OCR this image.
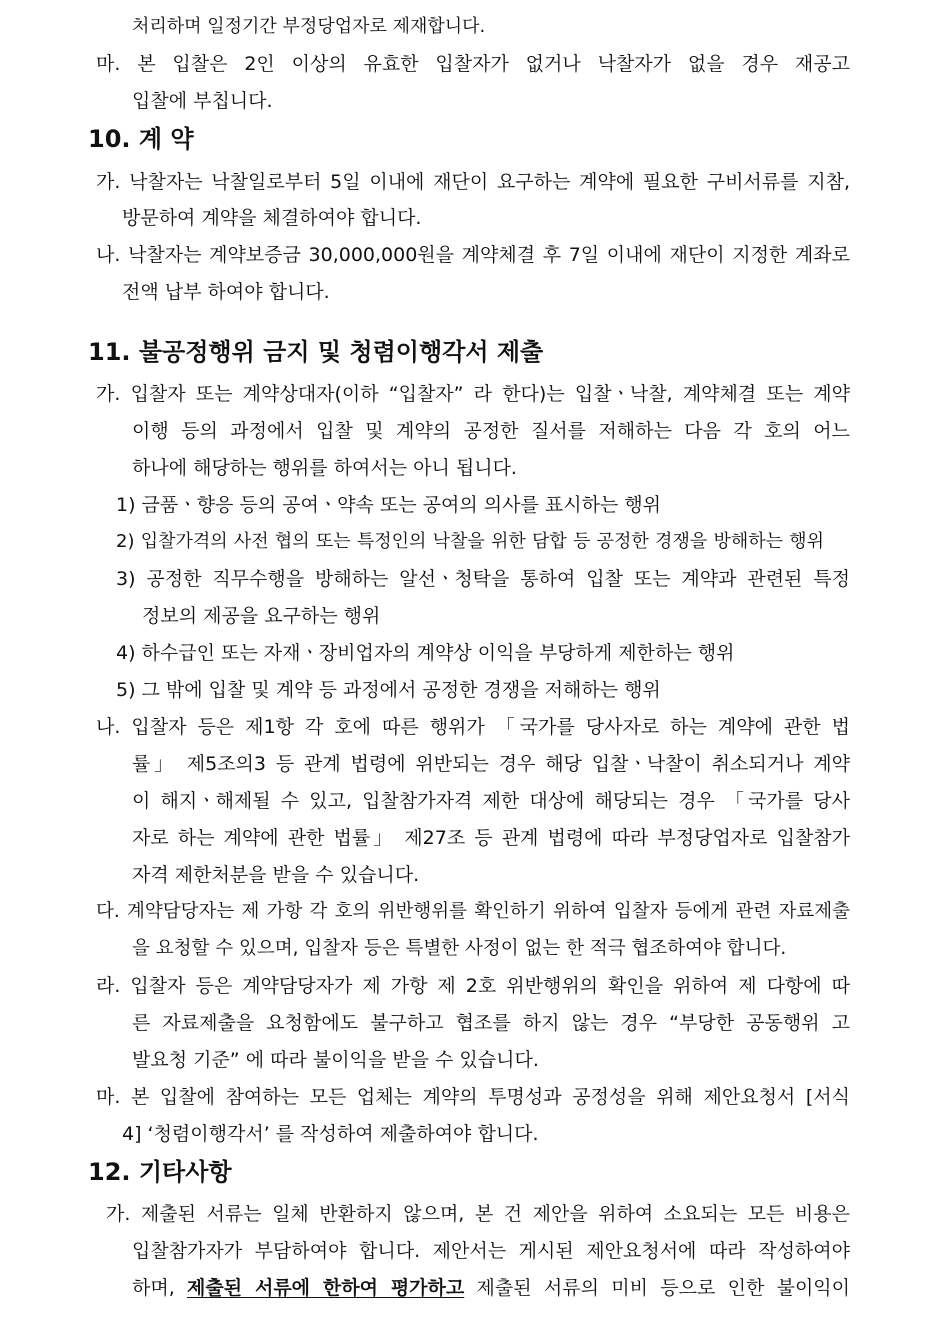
처리하며 일정기간 부정당업자로 제재합니다.
마. 본 입찰은 2인 이상의 유효한 입찰자가 없거나 낙찰자가 없을 경우 재공고
입찰에 부칩니다.
10. 계 약
가. 낙찰자는 낙찰일로부터 5일 이내에 재단이 요구하는 계약에 필요한 구비서류를 지참,
방문하여 계약을 체결하여야 합니다.
나. 낙찰자는 계약보증금 30,000,000원을 계약체결 후 7일 이내에 재단이 지정한 계좌로
전액 납부 하여야 합니다.
11. 불공정행위 금지 및 청렴이행각서 제출
가. 입찰자 또는 계약상대자(이하 “입찰자” 라 한다)는 입찰ㆍ낙찰, 계약체결 또는 계약
이행 등의 과정에서 입찰 및 계약의 공정한 질서를 저해하는 다음 각 호의 어느
하나에 해당하는 행위를 하여서는 아니 됩니다.
1) 금품ㆍ향응 등의 공여ㆍ약속 또는 공여의 의사를 표시하는 행위
2) 입찰가격의 사전 협의 또는 특정인의 낙찰을 위한 담합 등 공정한 경쟁을 방해하는 행위
3) 공정한 직무수행을 방해하는 알선ㆍ청탁을 통하여 입찰 또는 계약과 관련된 특정
정보의 제공을 요구하는 행위
4) 하수급인 또는 자재ㆍ장비업자의 계약상 이익을 부당하게 제한하는 행위
5) 그 밖에 입찰 및 계약 등 과정에서 공정한 경쟁을 저해하는 행위
나. 입찰자 등은 제1항 각 호에 따른 행위가 「국가를 당사자로 하는 계약에 관한 법
률」 제5조의3 등 관계 법령에 위반되는 경우 해당 입찰ㆍ낙찰이 취소되거나 계약
이 해지ㆍ해제될 수 있고, 입찰참가자격 제한 대상에 해당되는 경우 「국가를 당사
자로 하는 계약에 관한 법률」 제27조 등 관계 법령에 따라 부정당업자로 입찰참가
자격 제한처분을 받을 수 있습니다.
다. 계약담당자는 제 가항 각 호의 위반행위를 확인하기 위하여 입찰자 등에게 관련 자료제출
을 요청할 수 있으며, 입찰자 등은 특별한 사정이 없는 한 적극 협조하여야 합니다.
라. 입찰자 등은 계약담당자가 제 가항 제 2호 위반행위의 확인을 위하여 제 다항에 따
른 자료제출을 요청함에도 불구하고 협조를 하지 않는 경우 “부당한 공동행위 고
발요청 기준” 에 따라 불이익을 받을 수 있습니다.
마. 본 입찰에 참여하는 모든 업체는 계약의 투명성과 공정성을 위해 제안요청서 [서식
4] ‘청렴이행각서’ 를 작성하여 제출하여야 합니다.
12. 기타사항
가. 제출된 서류는 일체 반환하지 않으며, 본 건 제안을 위하여 소요되는 모든 비용은
입찰참가자가 부담하여야 합니다. 제안서는 게시된 제안요청서에 따라 작성하여야
하며, 제출된 서류에 한하여 평가하고 제출된 서류의 미비 등으로 인한 불이익이
